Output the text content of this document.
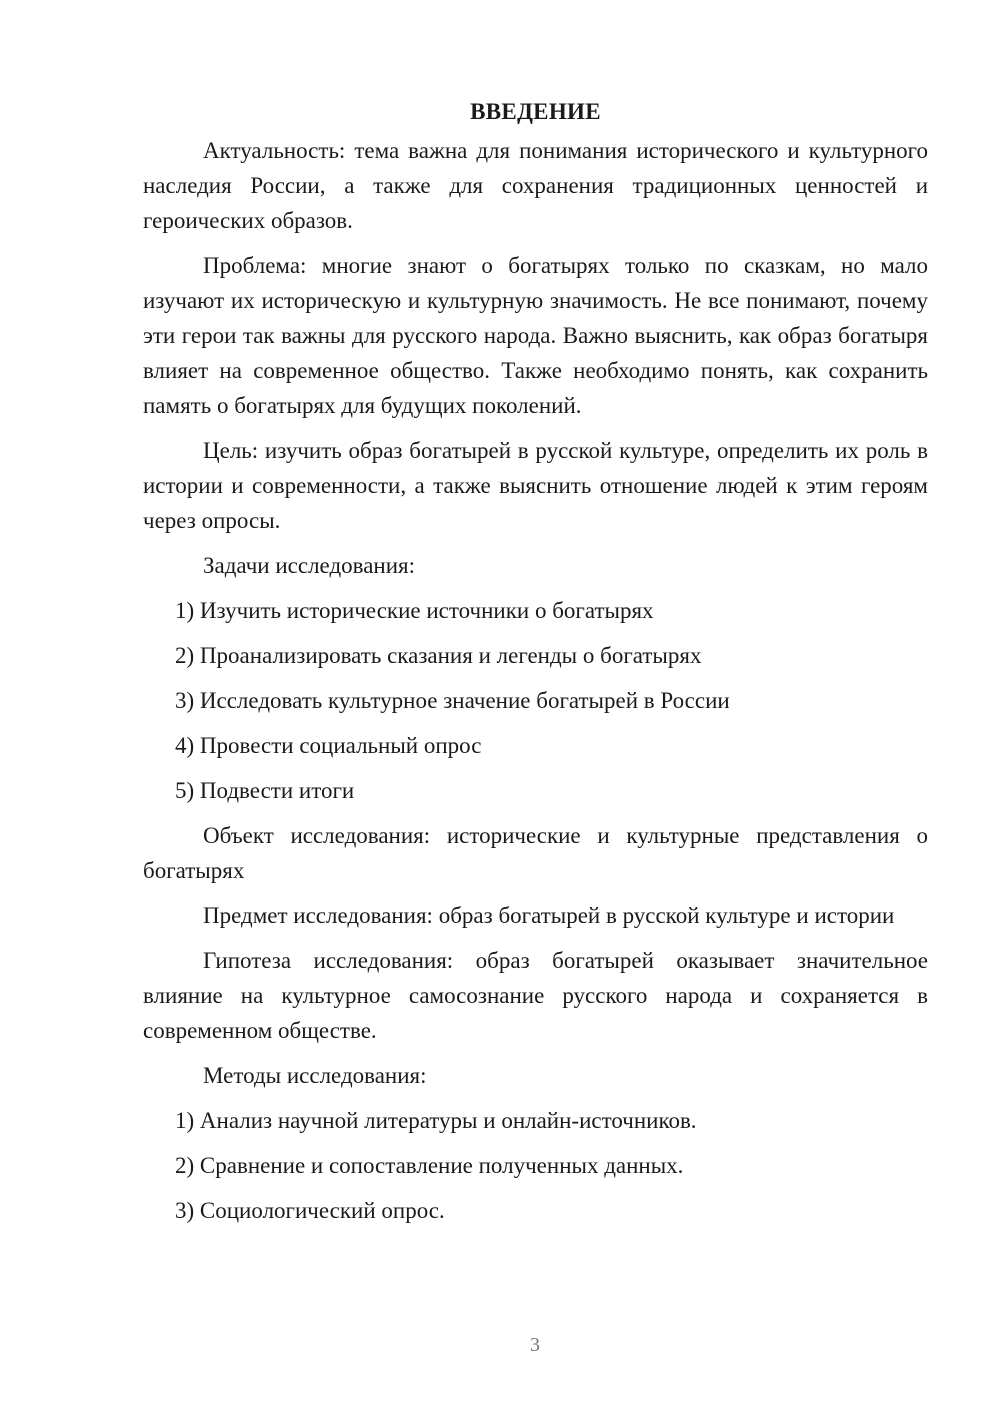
ВВЕДЕНИЕ

Актуальность: тема важна для понимания исторического и культурного наследия России, а также для сохранения традиционных ценностей и героических образов.

Проблема: многие знают о богатырях только по сказкам, но мало изучают их историческую и культурную значимость. Не все понимают, почему эти герои так важны для русского народа. Важно выяснить, как образ богатыря влияет на современное общество. Также необходимо понять, как сохранить память о богатырях для будущих поколений.

Цель: изучить образ богатырей в русской культуре, определить их роль в истории и современности, а также выяснить отношение людей к этим героям через опросы.

Задачи исследования:

1) Изучить исторические источники о богатырях
2) Проанализировать сказания и легенды о богатырях
3) Исследовать культурное значение богатырей в России
4) Провести социальный опрос
5) Подвести итоги

Объект исследования: исторические и культурные представления о богатырях

Предмет исследования: образ богатырей в русской культуре и истории

Гипотеза исследования: образ богатырей оказывает значительное влияние на культурное самосознание русского народа и сохраняется в современном обществе.

Методы исследования:

1) Анализ научной литературы и онлайн-источников.
2) Сравнение и сопоставление полученных данных.
3) Социологический опрос.
3
